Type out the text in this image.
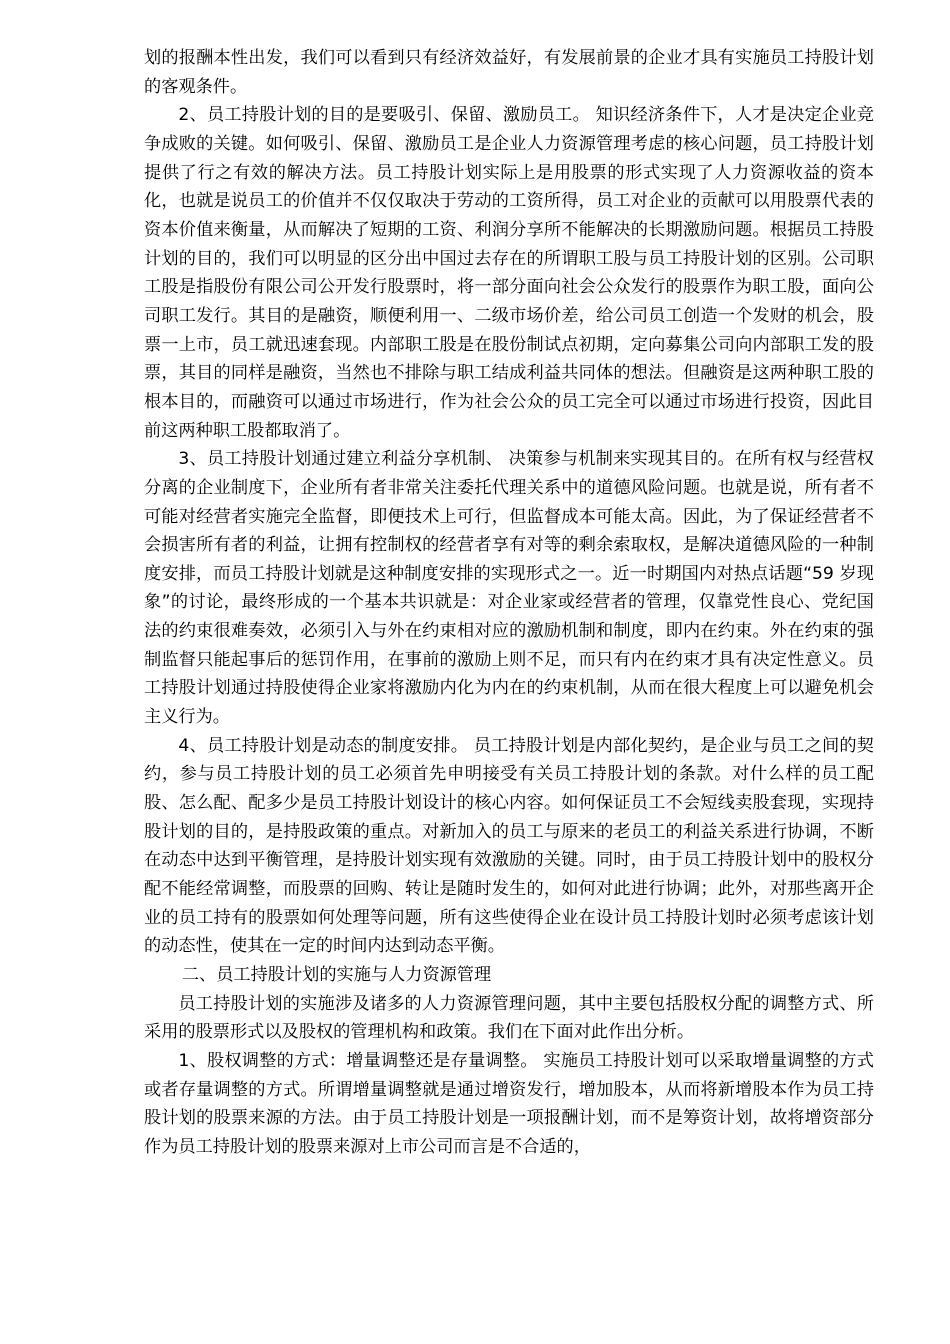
划的报酬本性出发，我们可以看到只有经济效益好，有发展前景的企业才具有实施员工持股计划的客观条件。

2、员工持股计划的目的是要吸引、保留、激励员工。 知识经济条件下，人才是决定企业竞争成败的关键。如何吸引、保留、激励员工是企业人力资源管理考虑的核心问题，员工持股计划提供了行之有效的解决方法。员工持股计划实际上是用股票的形式实现了人力资源收益的资本化，也就是说员工的价值并不仅仅取决于劳动的工资所得，员工对企业的贡献可以用股票代表的资本价值来衡量，从而解决了短期的工资、利润分享所不能解决的长期激励问题。根据员工持股计划的目的，我们可以明显的区分出中国过去存在的所谓职工股与员工持股计划的区别。公司职工股是指股份有限公司公开发行股票时，将一部分面向社会公众发行的股票作为职工股，面向公司职工发行。其目的是融资，顺便利用一、二级市场价差，给公司员工创造一个发财的机会，股票一上市，员工就迅速套现。内部职工股是在股份制试点初期，定向募集公司向内部职工发的股票，其目的同样是融资，当然也不排除与职工结成利益共同体的想法。但融资是这两种职工股的根本目的，而融资可以通过市场进行，作为社会公众的员工完全可以通过市场进行投资，因此目前这两种职工股都取消了。

3、员工持股计划通过建立利益分享机制、 决策参与机制来实现其目的。在所有权与经营权分离的企业制度下，企业所有者非常关注委托代理关系中的道德风险问题。也就是说，所有者不可能对经营者实施完全监督，即便技术上可行，但监督成本可能太高。因此，为了保证经营者不会损害所有者的利益，让拥有控制权的经营者享有对等的剩余索取权，是解决道德风险的一种制度安排，而员工持股计划就是这种制度安排的实现形式之一。近一时期国内对热点话题“59 岁现象”的讨论，最终形成的一个基本共识就是：对企业家或经营者的管理，仅靠党性良心、党纪国法的约束很难奏效，必须引入与外在约束相对应的激励机制和制度，即内在约束。外在约束的强制监督只能起事后的惩罚作用，在事前的激励上则不足，而只有内在约束才具有决定性意义。员工持股计划通过持股使得企业家将激励内化为内在的约束机制，从而在很大程度上可以避免机会主义行为。

4、员工持股计划是动态的制度安排。 员工持股计划是内部化契约，是企业与员工之间的契约，参与员工持股计划的员工必须首先申明接受有关员工持股计划的条款。对什么样的员工配股、怎么配、配多少是员工持股计划设计的核心内容。如何保证员工不会短线卖股套现，实现持股计划的目的，是持股政策的重点。对新加入的员工与原来的老员工的利益关系进行协调，不断在动态中达到平衡管理，是持股计划实现有效激励的关键。同时，由于员工持股计划中的股权分配不能经常调整，而股票的回购、转让是随时发生的，如何对此进行协调；此外，对那些离开企业的员工持有的股票如何处理等问题，所有这些使得企业在设计员工持股计划时必须考虑该计划的动态性，使其在一定的时间内达到动态平衡。

二、员工持股计划的实施与人力资源管理

员工持股计划的实施涉及诸多的人力资源管理问题，其中主要包括股权分配的调整方式、所采用的股票形式以及股权的管理机构和政策。我们在下面对此作出分析。

1、股权调整的方式：增量调整还是存量调整。 实施员工持股计划可以采取增量调整的方式或者存量调整的方式。所谓增量调整就是通过增资发行，增加股本，从而将新增股本作为员工持股计划的股票来源的方法。由于员工持股计划是一项报酬计划，而不是筹资计划，故将增资部分作为员工持股计划的股票来源对上市公司而言是不合适的，
